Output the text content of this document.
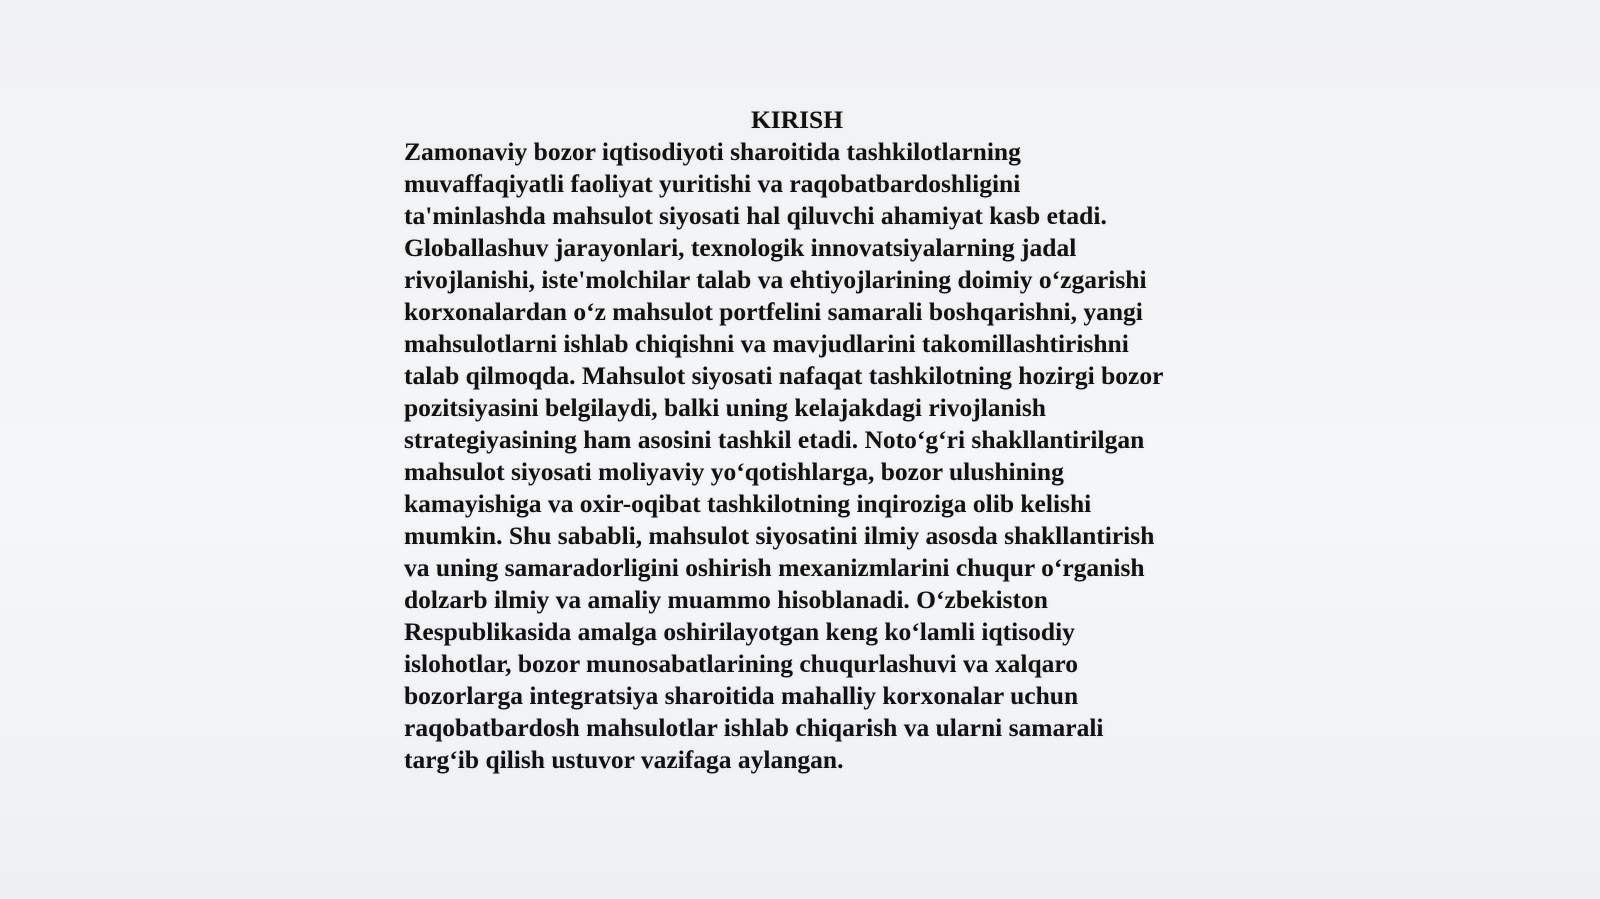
KIRISH
Zamonaviy bozor iqtisodiyoti sharoitida tashkilotlarning
muvaffaqiyatli faoliyat yuritishi va raqobatbardoshligini
ta'minlashda mahsulot siyosati hal qiluvchi ahamiyat kasb etadi.
Globallashuv jarayonlari, texnologik innovatsiyalarning jadal
rivojlanishi, iste'molchilar talab va ehtiyojlarining doimiy oʻzgarishi
korxonalardan oʻz mahsulot portfelini samarali boshqarishni, yangi
mahsulotlarni ishlab chiqishni va mavjudlarini takomillashtirishni
talab qilmoqda. Mahsulot siyosati nafaqat tashkilotning hozirgi bozor
pozitsiyasini belgilaydi, balki uning kelajakdagi rivojlanish
strategiyasining ham asosini tashkil etadi. Notoʻgʻri shakllantirilgan
mahsulot siyosati moliyaviy yoʻqotishlarga, bozor ulushining
kamayishiga va oxir-oqibat tashkilotning inqiroziga olib kelishi
mumkin. Shu sababli, mahsulot siyosatini ilmiy asosda shakllantirish
va uning samaradorligini oshirish mexanizmlarini chuqur oʻrganish
dolzarb ilmiy va amaliy muammo hisoblanadi. Oʻzbekiston
Respublikasida amalga oshirilayotgan keng koʻlamli iqtisodiy
islohotlar, bozor munosabatlarining chuqurlashuvi va xalqaro
bozorlarga integratsiya sharoitida mahalliy korxonalar uchun
raqobatbardosh mahsulotlar ishlab chiqarish va ularni samarali
targʻib qilish ustuvor vazifaga aylangan.
